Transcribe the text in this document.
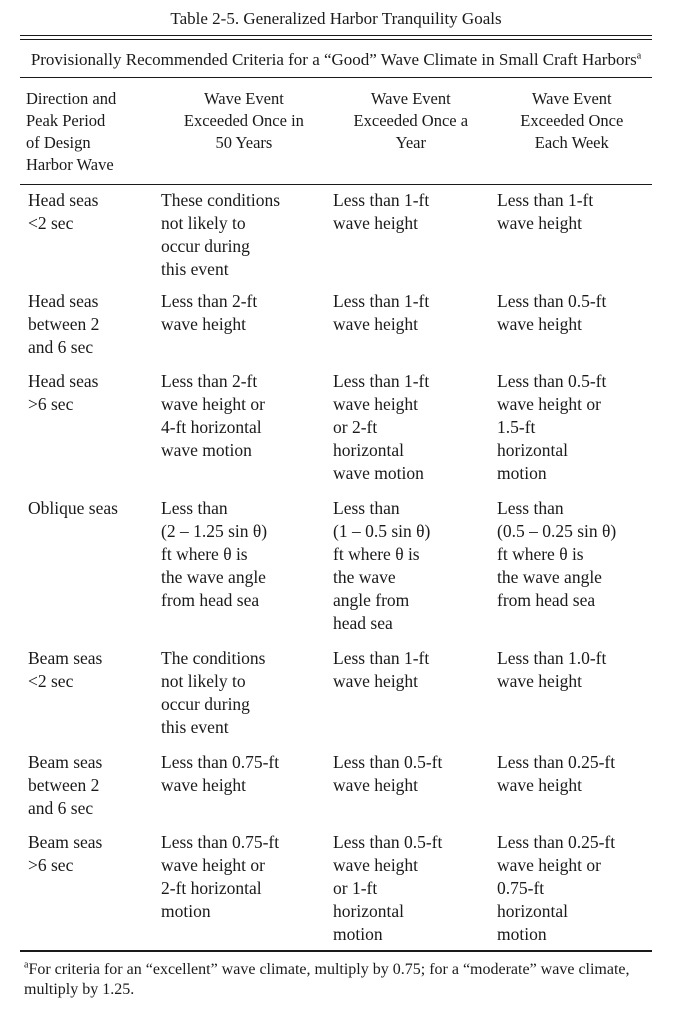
Table 2-5. Generalized Harbor Tranquility Goals
Provisionally Recommended Criteria for a “Good” Wave Climate in Small Craft Harbors$^a$
Direction and
Peak Period
of Design
Harbor Wave
Wave Event
Exceeded Once in
50 Years
Wave Event
Exceeded Once a
Year
Wave Event
Exceeded Once
Each Week
Head seas
<2 sec
These conditions
not likely to
occur during
this event
Less than 1-ft
wave height
Less than 1-ft
wave height
Head seas
between 2
and 6 sec
Less than 2-ft
wave height
Less than 1-ft
wave height
Less than 0.5-ft
wave height
Head seas
>6 sec
Less than 2-ft
wave height or
4-ft horizontal
wave motion
Less than 1-ft
wave height
or 2-ft
horizontal
wave motion
Less than 0.5-ft
wave height or
1.5-ft
horizontal
motion
Oblique seas	Less than
(2 – 1.25 sin θ)
ft where θ is
the wave angle
from head sea
Less than
(1 – 0.5 sin θ)
ft where θ is
the wave
angle from
head sea
Less than
(0.5 – 0.25 sin θ)
ft where θ is
the wave angle
from head sea
Beam seas
<2 sec
The conditions
not likely to
occur during
this event
Less than 1-ft
wave height
Less than 1.0-ft
wave height
Beam seas
between 2
and 6 sec
Less than 0.75-ft
wave height
Less than 0.5-ft
wave height
Less than 0.25-ft
wave height
Beam seas
>6 sec
Less than 0.75-ft
wave height or
2-ft horizontal
motion
Less than 0.5-ft
wave height
or 1-ft
horizontal
motion
Less than 0.25-ft
wave height or
0.75-ft
horizontal
motion
$^a$For criteria for an “excellent” wave climate, multiply by 0.75; for a “moderate” wave climate, multiply by 1.25.
